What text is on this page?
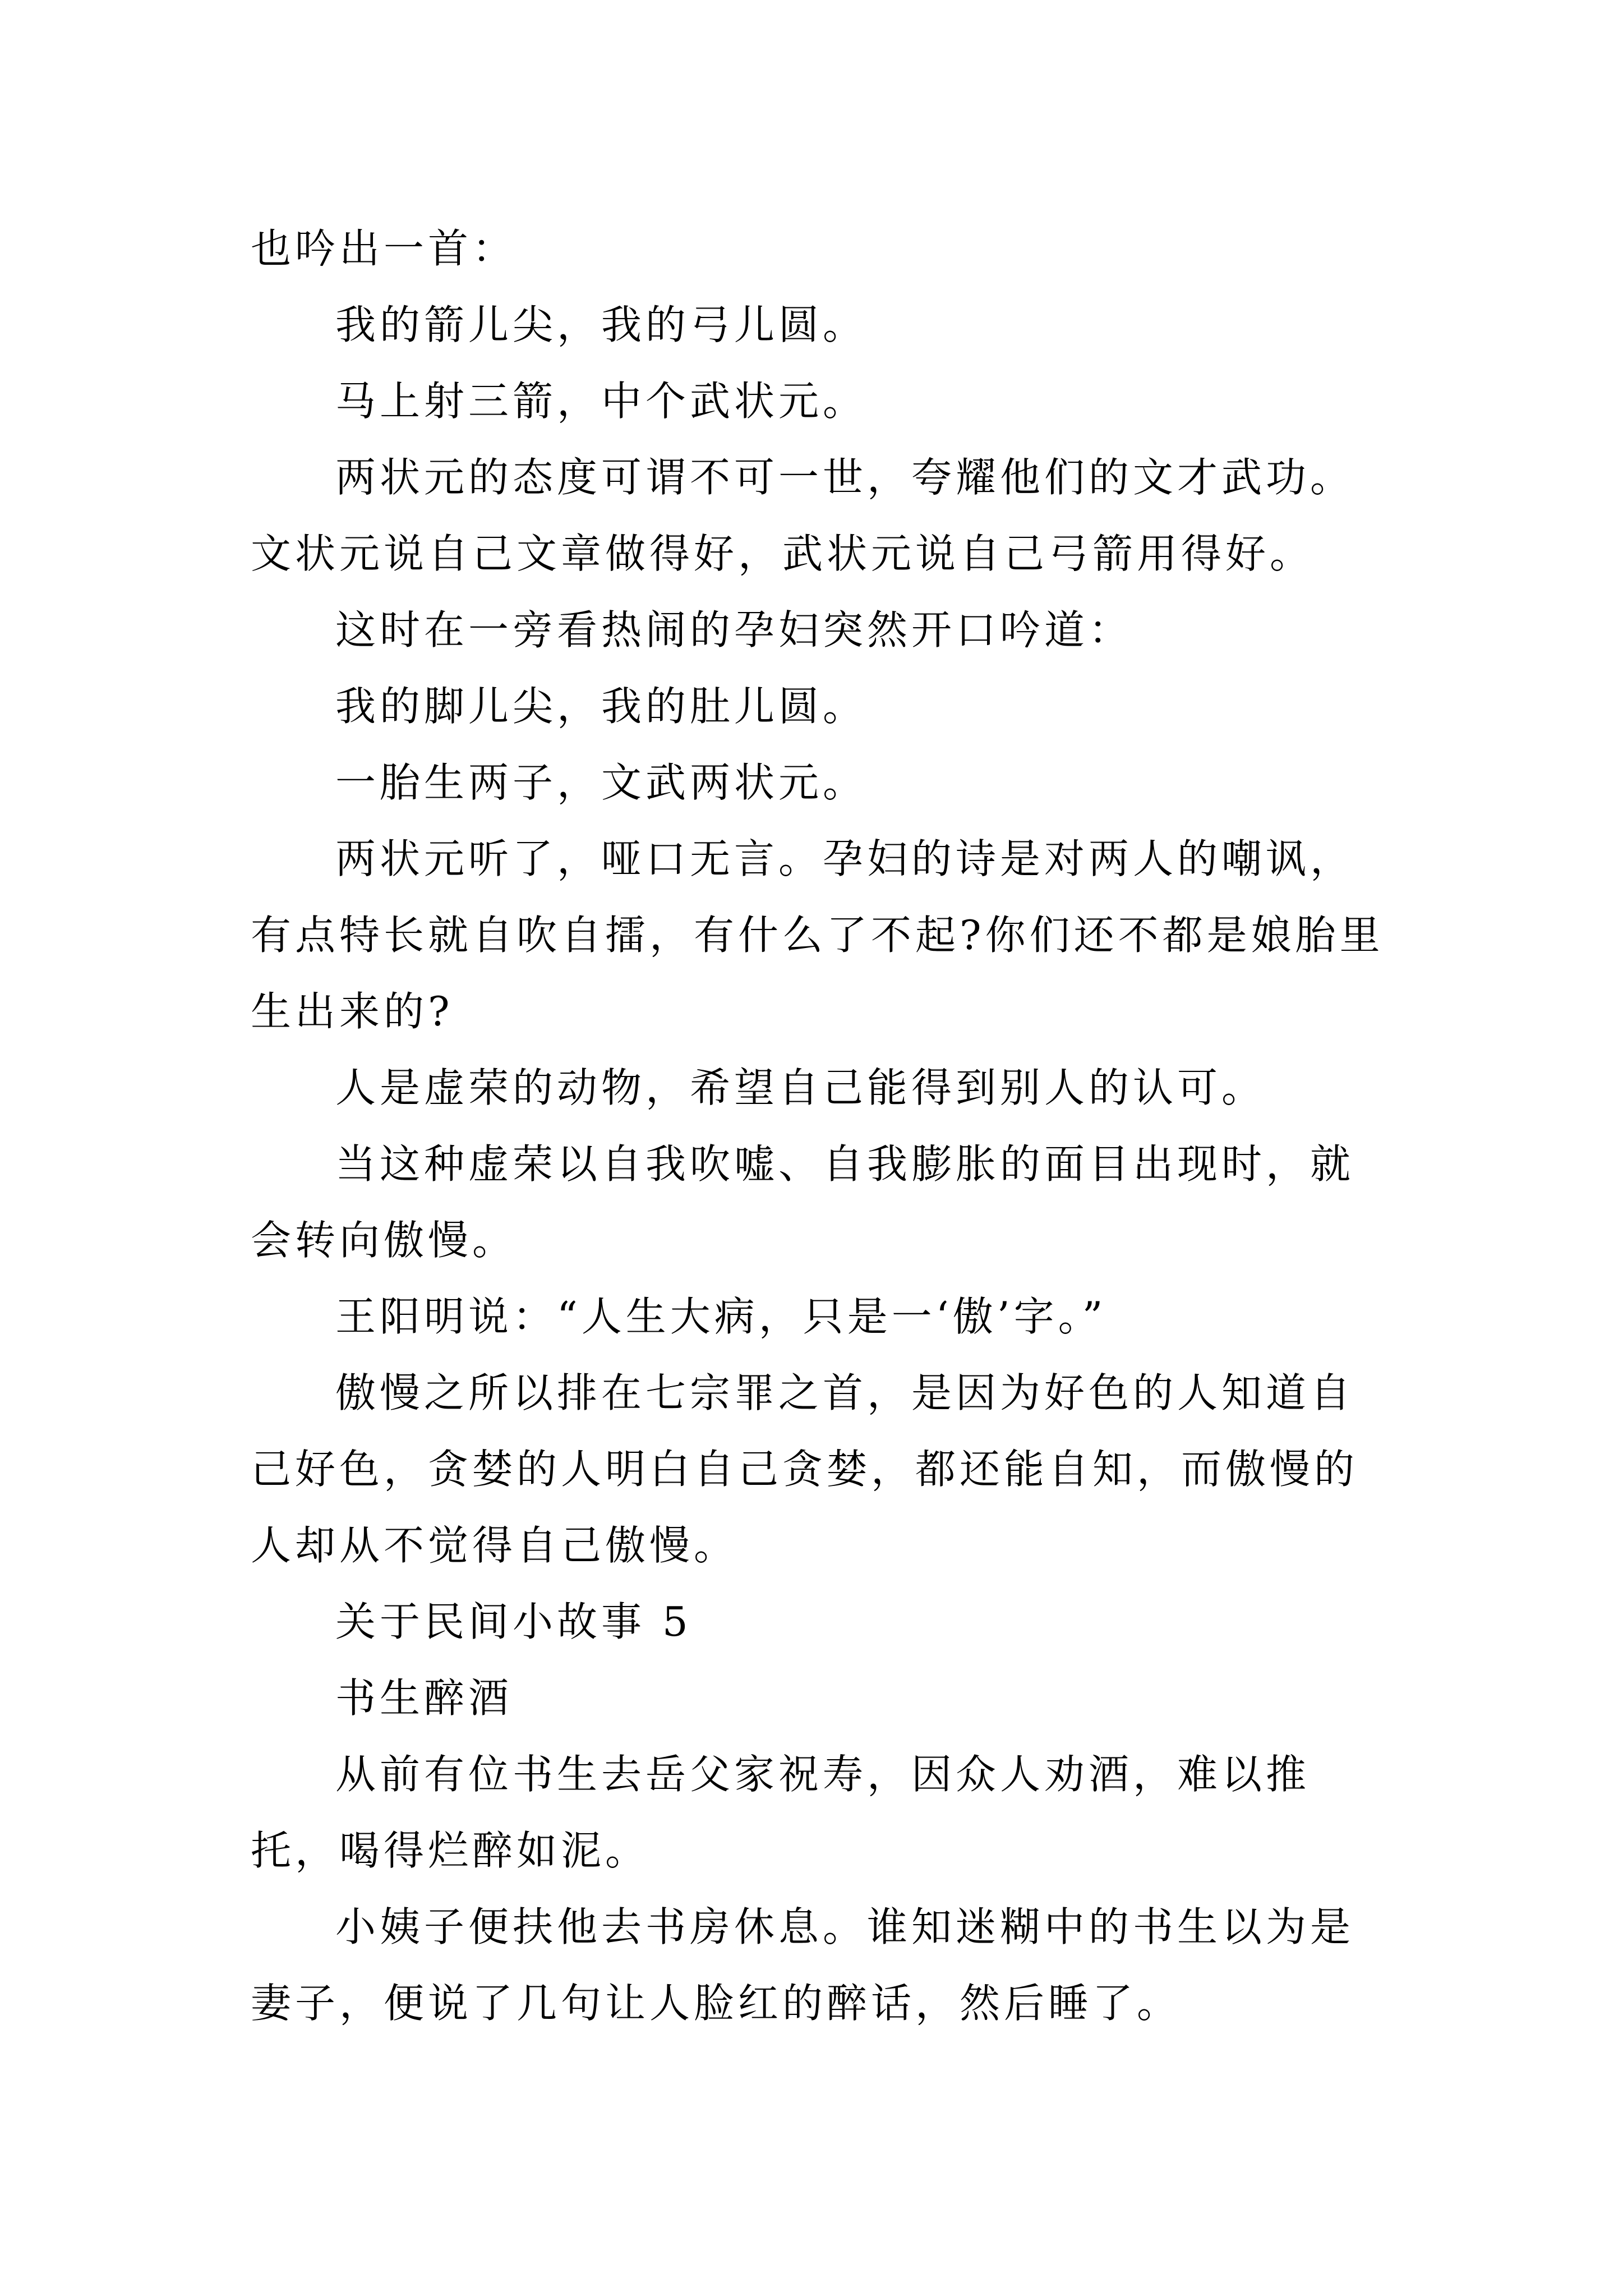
也吟出一首：

我的箭儿尖，我的弓儿圆。

马上射三箭，中个武状元。

两状元的态度可谓不可一世，夸耀他们的文才武功。文状元说自己文章做得好，武状元说自己弓箭用得好。

这时在一旁看热闹的孕妇突然开口吟道：

我的脚儿尖，我的肚儿圆。

一胎生两子，文武两状元。

两状元听了，哑口无言。孕妇的诗是对两人的嘲讽，有点特长就自吹自擂，有什么了不起?你们还不都是娘胎里生出来的?

人是虚荣的动物，希望自己能得到别人的认可。

当这种虚荣以自我吹嘘、自我膨胀的面目出现时，就会转向傲慢。

王阳明说：“人生大病，只是一‘傲’字。”

傲慢之所以排在七宗罪之首，是因为好色的人知道自己好色，贪婪的人明白自己贪婪，都还能自知，而傲慢的人却从不觉得自己傲慢。

关于民间小故事 5

书生醉酒

从前有位书生去岳父家祝寿，因众人劝酒，难以推托，喝得烂醉如泥。

小姨子便扶他去书房休息。谁知迷糊中的书生以为是妻子，便说了几句让人脸红的醉话，然后睡了。
